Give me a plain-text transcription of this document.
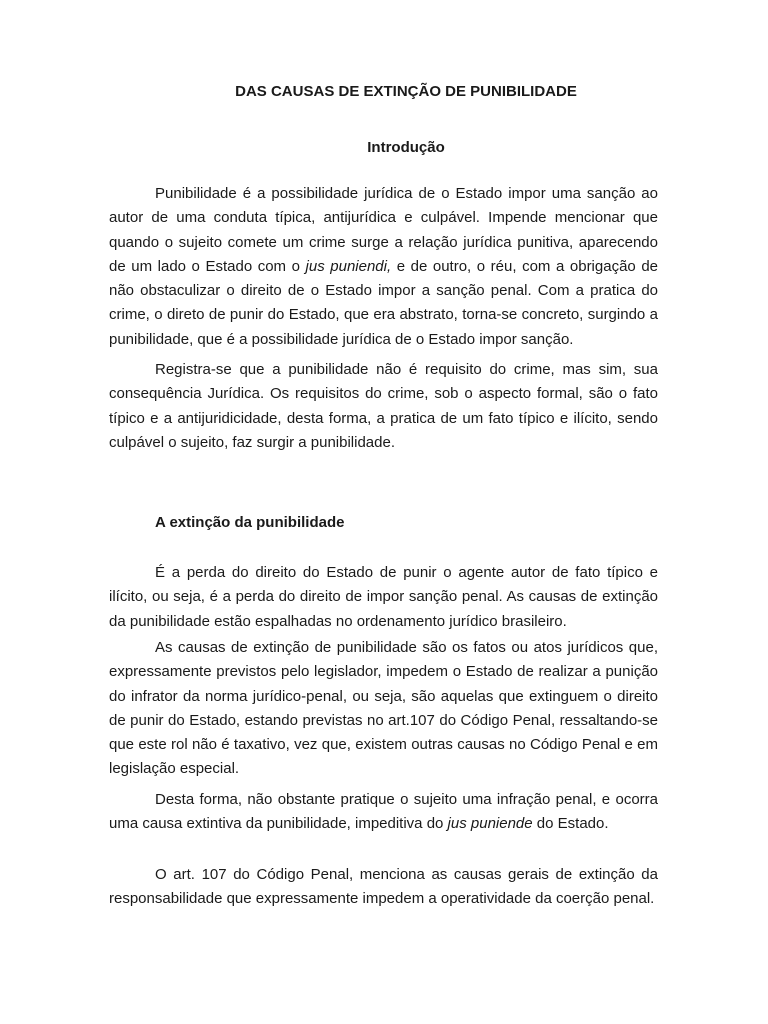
DAS CAUSAS DE EXTINÇÃO DE PUNIBILIDADE
Introdução

Punibilidade é a possibilidade jurídica de o Estado impor uma sanção ao autor de uma conduta típica, antijurídica e culpável. Impende mencionar que quando o sujeito comete um crime surge a relação jurídica punitiva, aparecendo de um lado o Estado com o jus puniendi, e de outro, o réu, com a obrigação de não obstaculizar o direito de o Estado impor a sanção penal. Com a pratica do crime, o direto de punir do Estado, que era abstrato, torna-se concreto, surgindo a punibilidade, que é a possibilidade jurídica de o Estado impor sanção.

Registra-se que a punibilidade não é requisito do crime, mas sim, sua consequência Jurídica. Os requisitos do crime, sob o aspecto formal, são o fato típico e a antijuridicidade, desta forma, a pratica de um fato típico e ilícito, sendo culpável o sujeito, faz surgir a punibilidade.

A extinção da punibilidade

É a perda do direito do Estado de punir o agente autor de fato típico e ilícito, ou seja, é a perda do direito de impor sanção penal. As causas de extinção da punibilidade estão espalhadas no ordenamento jurídico brasileiro.

As causas de extinção de punibilidade são os fatos ou atos jurídicos que, expressamente previstos pelo legislador, impedem o Estado de realizar a punição do infrator da norma jurídico-penal, ou seja, são aquelas que extinguem o direito de punir do Estado, estando previstas no art.107 do Código Penal, ressaltando-se que este rol não é taxativo, vez que, existem outras causas no Código Penal e em legislação especial.

Desta forma, não obstante pratique o sujeito uma infração penal, e ocorra uma causa extintiva da punibilidade, impeditiva do jus puniende do Estado.

O art. 107 do Código Penal, menciona as causas gerais de extinção da responsabilidade que expressamente impedem a operatividade da coerção penal.
